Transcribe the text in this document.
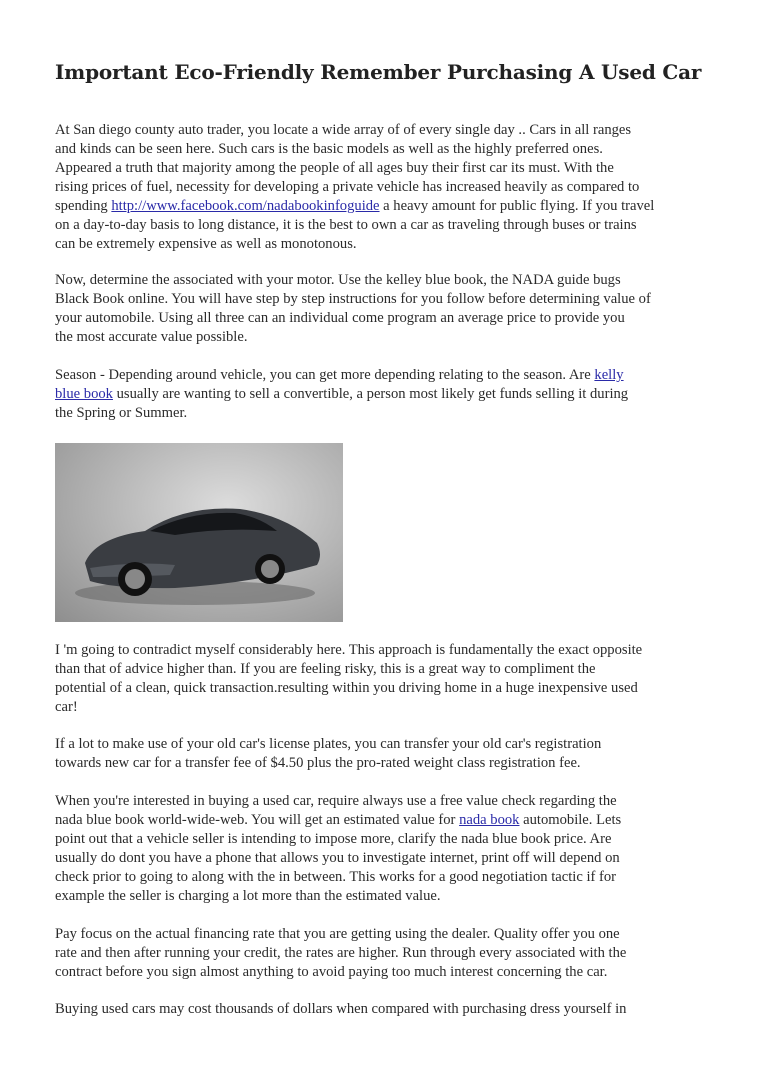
Important Eco-Friendly Remember Purchasing A Used Car
At San diego county auto trader, you locate a wide array of of every single day .. Cars in all ranges
and kinds can be seen here. Such cars is the basic models as well as the highly preferred ones.
Appeared a truth that majority among the people of all ages buy their first car its must. With the
rising prices of fuel, necessity for developing a private vehicle has increased heavily as compared to
spending http://www.facebook.com/nadabookinfoguide a heavy amount for public flying. If you travel
on a day-to-day basis to long distance, it is the best to own a car as traveling through buses or trains
can be extremely expensive as well as monotonous.
Now, determine the associated with your motor. Use the kelley blue book, the NADA guide bugs
Black Book online. You will have step by step instructions for you follow before determining value of
your automobile. Using all three can an individual come program an average price to provide you
the most accurate value possible.
Season - Depending around vehicle, you can get more depending relating to the season. Are kelly
blue book usually are wanting to sell a convertible, a person most likely get funds selling it during
the Spring or Summer.
I 'm going to contradict myself considerably here. This approach is fundamentally the exact opposite
than that of advice higher than. If you are feeling risky, this is a great way to compliment the
potential of a clean, quick transaction.resulting within you driving home in a huge inexpensive used
car!
If a lot to make use of your old car's license plates, you can transfer your old car's registration
towards new car for a transfer fee of $4.50 plus the pro-rated weight class registration fee.
When you're interested in buying a used car, require always use a free value check regarding the
nada blue book world-wide-web. You will get an estimated value for nada book automobile. Lets
point out that a vehicle seller is intending to impose more, clarify the nada blue book price. Are
usually do dont you have a phone that allows you to investigate internet, print off will depend on
check prior to going to along with the in between. This works for a good negotiation tactic if for
example the seller is charging a lot more than the estimated value.
Pay focus on the actual financing rate that you are getting using the dealer. Quality offer you one
rate and then after running your credit, the rates are higher. Run through every associated with the
contract before you sign almost anything to avoid paying too much interest concerning the car.
Buying used cars may cost thousands of dollars when compared with purchasing dress yourself in
